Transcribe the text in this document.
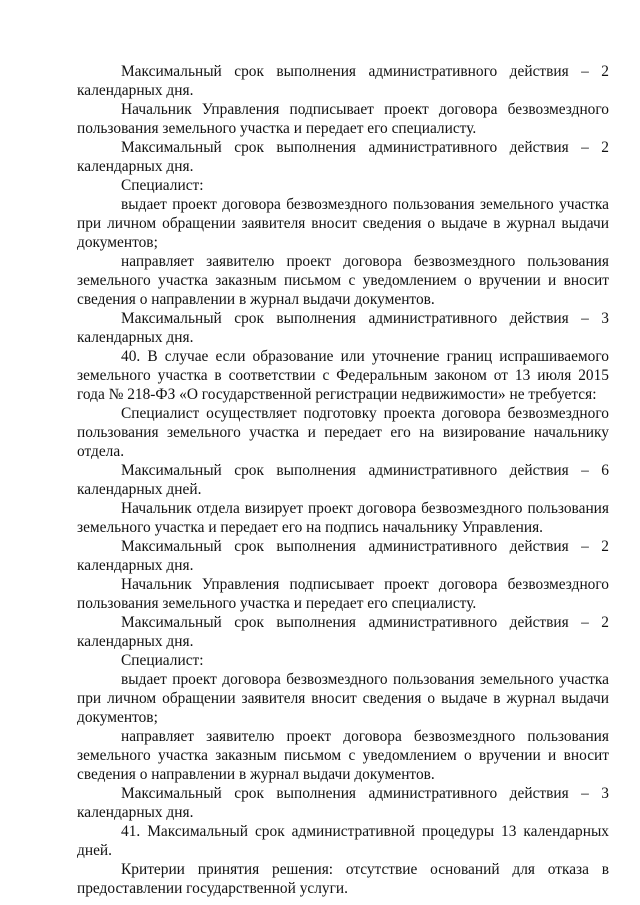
Максимальный срок выполнения административного действия – 2 календарных дня.

Начальник Управления подписывает проект договора безвозмездного пользования земельного участка и передает его специалисту.

Максимальный срок выполнения административного действия – 2 календарных дня.

Специалист:

выдает проект договора безвозмездного пользования земельного участка при личном обращении заявителя вносит сведения о выдаче в журнал выдачи документов;

направляет заявителю проект договора безвозмездного пользования земельного участка заказным письмом с уведомлением о вручении и вносит сведения о направлении в журнал выдачи документов.

Максимальный срок выполнения административного действия – 3 календарных дня.

40. В случае если образование или уточнение границ испрашиваемого земельного участка в соответствии с Федеральным законом от 13 июля 2015 года № 218-ФЗ «О государственной регистрации недвижимости» не требуется:

Специалист осуществляет подготовку проекта договора безвозмездного пользования земельного участка и передает его на визирование начальнику отдела.

Максимальный срок выполнения административного действия – 6 календарных дней.

Начальник отдела визирует проект договора безвозмездного пользования земельного участка и передает его на подпись начальнику Управления.

Максимальный срок выполнения административного действия – 2 календарных дня.

Начальник Управления подписывает проект договора безвозмездного пользования земельного участка и передает его специалисту.

Максимальный срок выполнения административного действия – 2 календарных дня.

Специалист:

выдает проект договора безвозмездного пользования земельного участка при личном обращении заявителя вносит сведения о выдаче в журнал выдачи документов;

направляет заявителю проект договора безвозмездного пользования земельного участка заказным письмом с уведомлением о вручении и вносит сведения о направлении в журнал выдачи документов.

Максимальный срок выполнения административного действия – 3 календарных дня.

41. Максимальный срок административной процедуры 13 календарных дней.

Критерии принятия решения: отсутствие оснований для отказа в предоставлении государственной услуги.
